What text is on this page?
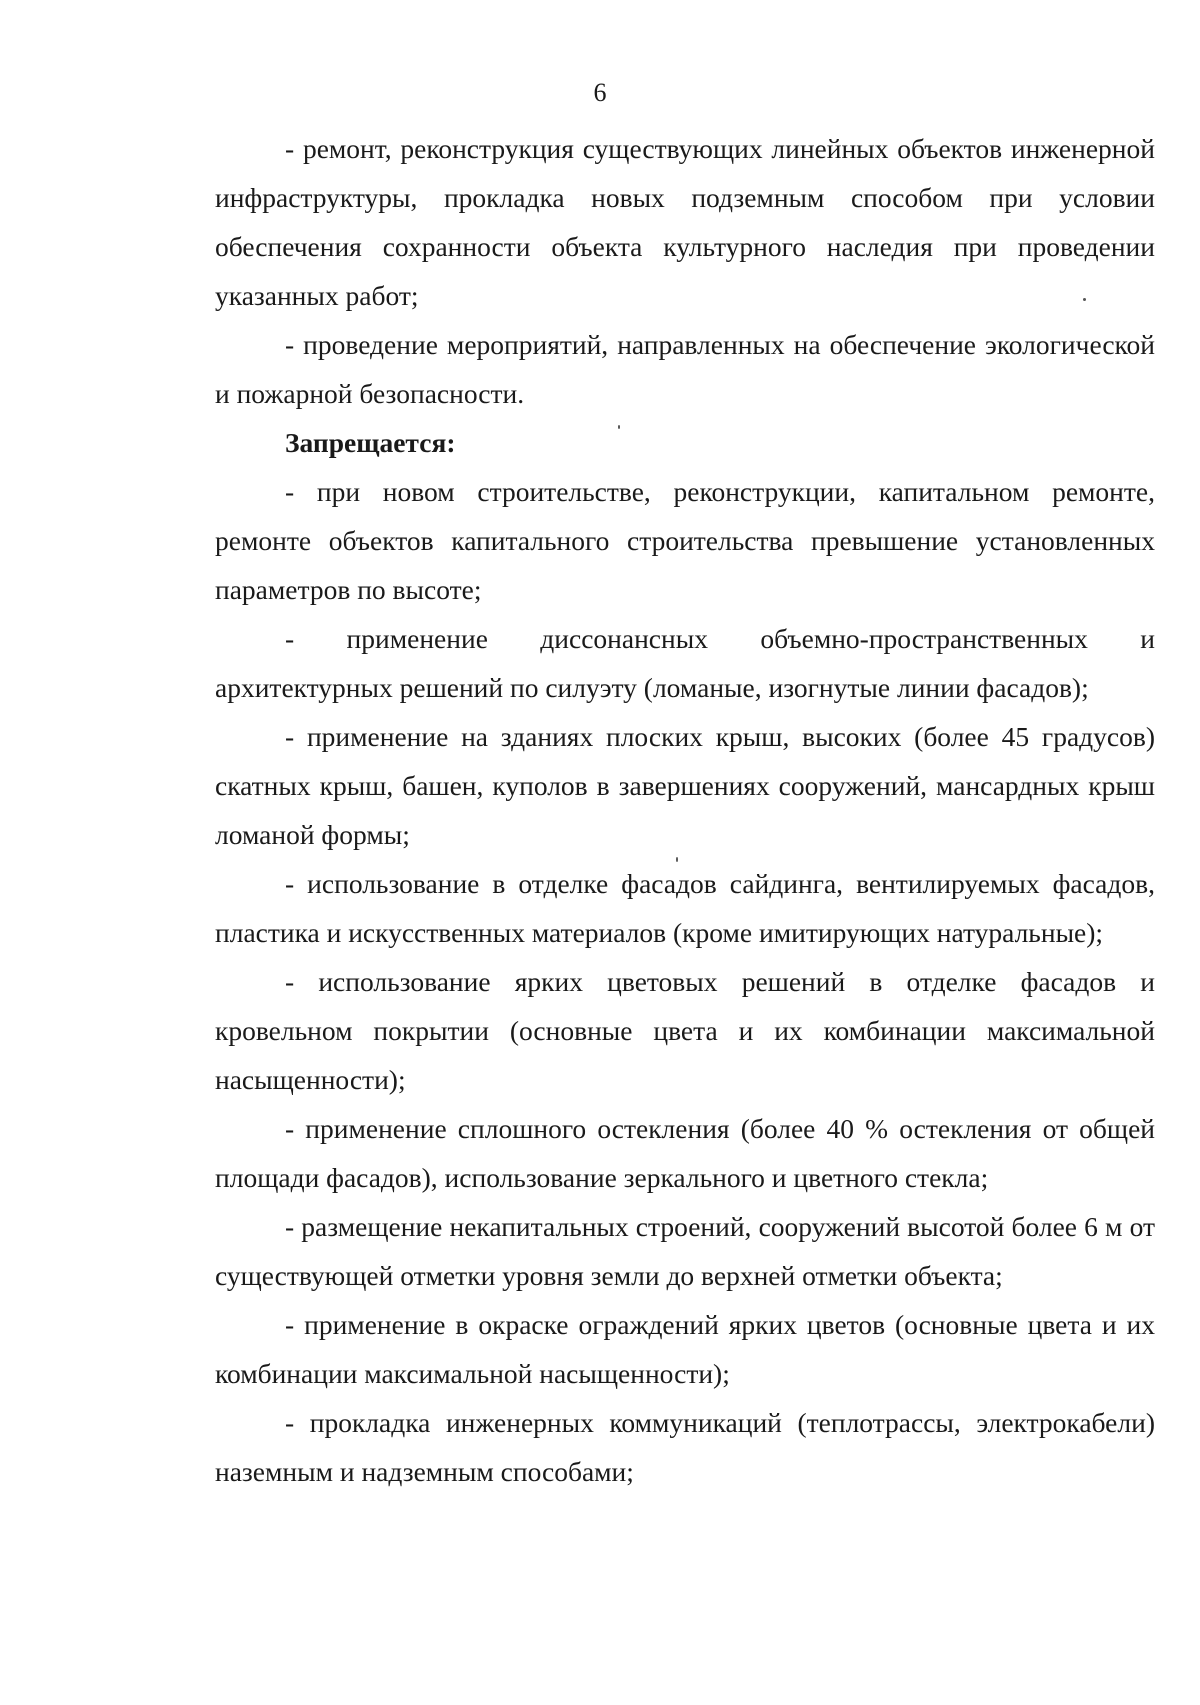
6

- ремонт, реконструкция существующих линейных объектов инженерной инфраструктуры, прокладка новых подземным способом при условии обеспечения сохранности объекта культурного наследия при проведении указанных работ;

- проведение мероприятий, направленных на обеспечение экологической и пожарной безопасности.

Запрещается:

- при новом строительстве, реконструкции, капитальном ремонте, ремонте объектов капитального строительства превышение установленных параметров по высоте;

- применение диссонансных объемно-пространственных и архитектурных решений по силуэту (ломаные, изогнутые линии фасадов);

- применение на зданиях плоских крыш, высоких (более 45 градусов) скатных крыш, башен, куполов в завершениях сооружений, мансардных крыш ломаной формы;

- использование в отделке фасадов сайдинга, вентилируемых фасадов, пластика и искусственных материалов (кроме имитирующих натуральные);

- использование ярких цветовых решений в отделке фасадов и кровельном покрытии (основные цвета и их комбинации максимальной насыщенности);

- применение сплошного остекления (более 40 % остекления от общей площади фасадов), использование зеркального и цветного стекла;

- размещение некапитальных строений, сооружений высотой более 6 м от существующей отметки уровня земли до верхней отметки объекта;

- применение в окраске ограждений ярких цветов (основные цвета и их комбинации максимальной насыщенности);

- прокладка инженерных коммуникаций (теплотрассы, электрокабели) наземным и надземным способами;
